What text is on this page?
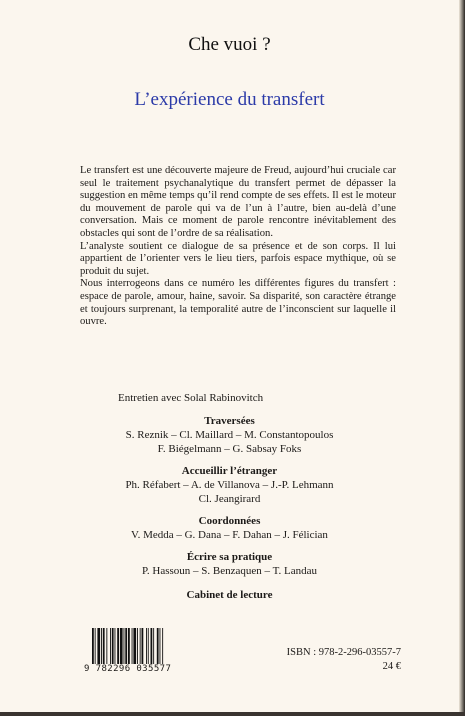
Che vuoi ?
L’expérience du transfert

Le transfert est une découverte majeure de Freud, aujourd’hui cruciale car seul le traitement psychanalytique du transfert permet de dépasser la suggestion en même temps qu’il rend compte de ses effets. Il est le moteur du mouvement de parole qui va de l’un à l’autre, bien au-delà d’une conversation. Mais ce moment de parole rencontre inévitablement des obstacles qui sont de l’ordre de sa réalisation.

L’analyste soutient ce dialogue de sa présence et de son corps. Il lui appartient de l’orienter vers le lieu tiers, parfois espace mythique, où se produit du sujet.

Nous interrogeons dans ce numéro les différentes figures du transfert : espace de parole, amour, haine, savoir. Sa disparité, son caractère étrange et toujours surprenant, la temporalité autre de l’inconscient sur laquelle il ouvre.

Entretien avec Solal Rabinovitch
Traversées
S. Reznik – Cl. Maillard – M. Constantopoulos
F. Biégelmann – G. Sabsay Foks
Accueillir l’étranger
Ph. Réfabert – A. de Villanova – J.-P. Lehmann
Cl. Jeangirard
Coordonnées
V. Medda – G. Dana – F. Dahan – J. Félician
Écrire sa pratique
P. Hassoun – S. Benzaquen – T. Landau
Cabinet de lecture
9 782296 035577
ISBN : 978-2-296-03557-7
24 €
